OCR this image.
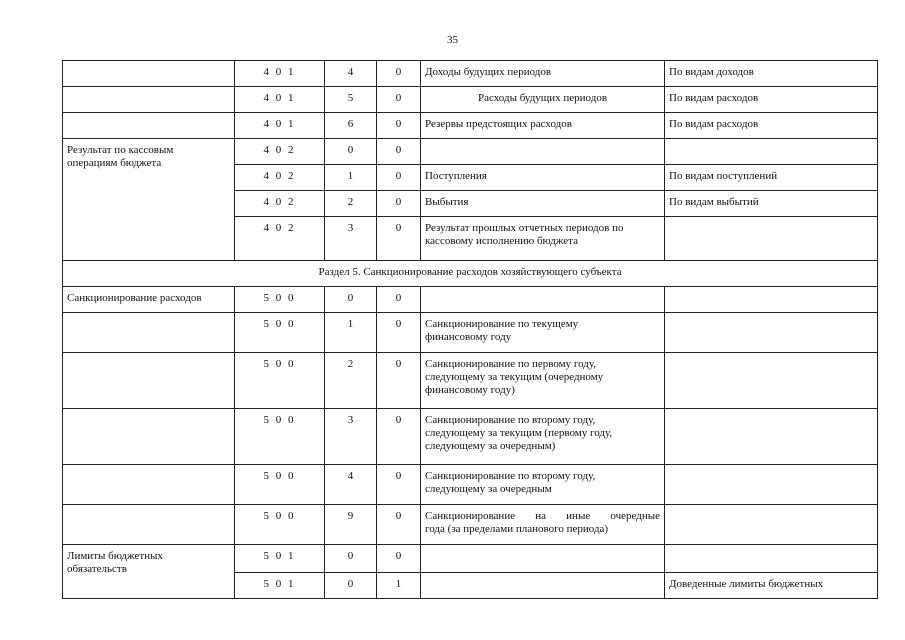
35
	4 0 1	4	0	Доходы будущих периодов	По видам доходов
	4 0 1	5	0	Расходы будущих периодов	По видам расходов
	4 0 1	6	0	Резервы предстоящих расходов	По видам расходов

Результат по кассовым
операциям бюджета	4 0 2	0	0		
	4 0 2	1	0	Поступления	По видам поступлений
	4 0 2	2	0	Выбытия	По видам выбытий
	4 0 2	3	0	Результат прошлых отчетных периодов по
кассовому исполнению бюджета	

Раздел 5. Санкционирование расходов хозяйствующего субъекта					
Санкционирование расходов	5 0 0	0	0		
	5 0 0	1	0	Санкционирование по текущему
финансовому году	

	5 0 0	2	0	Санкционирование по первому году,
следующему за текущим (очередному
финансовому году)	

	5 0 0	3	0	Санкционирование по второму году,
следующему за текущим (первому году,
следующему за очередным)	

	5 0 0	4	0	Санкционирование по второму году,
следующему за очередным	

	5 0 0	9	0	Санкционирование на иные очередные
года (за пределами планового периода)	

Лимиты бюджетных
обязательств	5 0 1	0	0		
	5 0 1	0	1		Доведенные лимиты бюджетных
